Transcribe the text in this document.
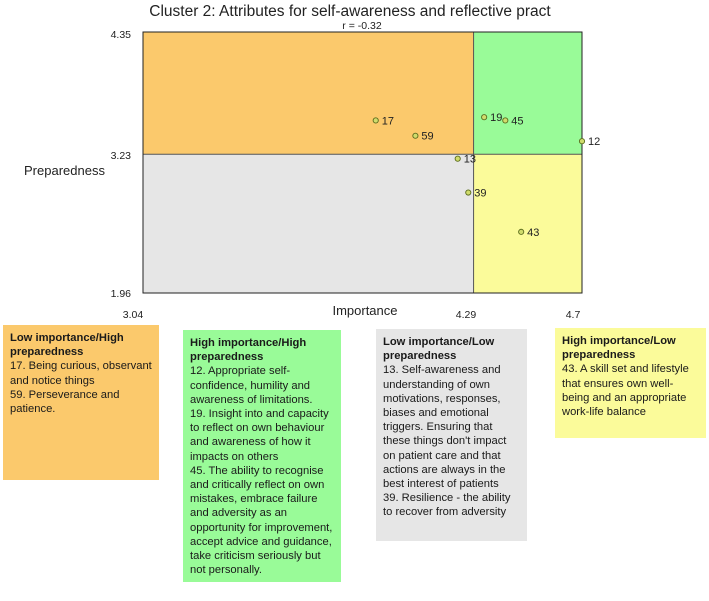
Cluster 2: Attributes for self-awareness and reflective pract
r = -0.32
17
59
19 45
12
13
39
43
4.35
3.23
1.96
3.04	4.29	4.7
Preparedness
Importance
Low importance/High preparedness
17. Being curious, observant and notice things
59. Perseverance and patience.
High importance/High preparedness
12. Appropriate self-confidence, humility and awareness of limitations.
19. Insight into and capacity to reflect on own behaviour and awareness of how it impacts on others
45. The ability to recognise and critically reflect on own mistakes, embrace failure and adversity as an opportunity for improvement, accept advice and guidance, take criticism seriously but not personally.
Low importance/Low preparedness
13. Self-awareness and understanding of own motivations, responses, biases and emotional triggers. Ensuring that these things don't impact on patient care and that actions are always in the best interest of patients
39. Resilience - the ability to recover from adversity
High importance/Low preparedness
43. A skill set and lifestyle that ensures own well-being and an appropriate work-life balance
